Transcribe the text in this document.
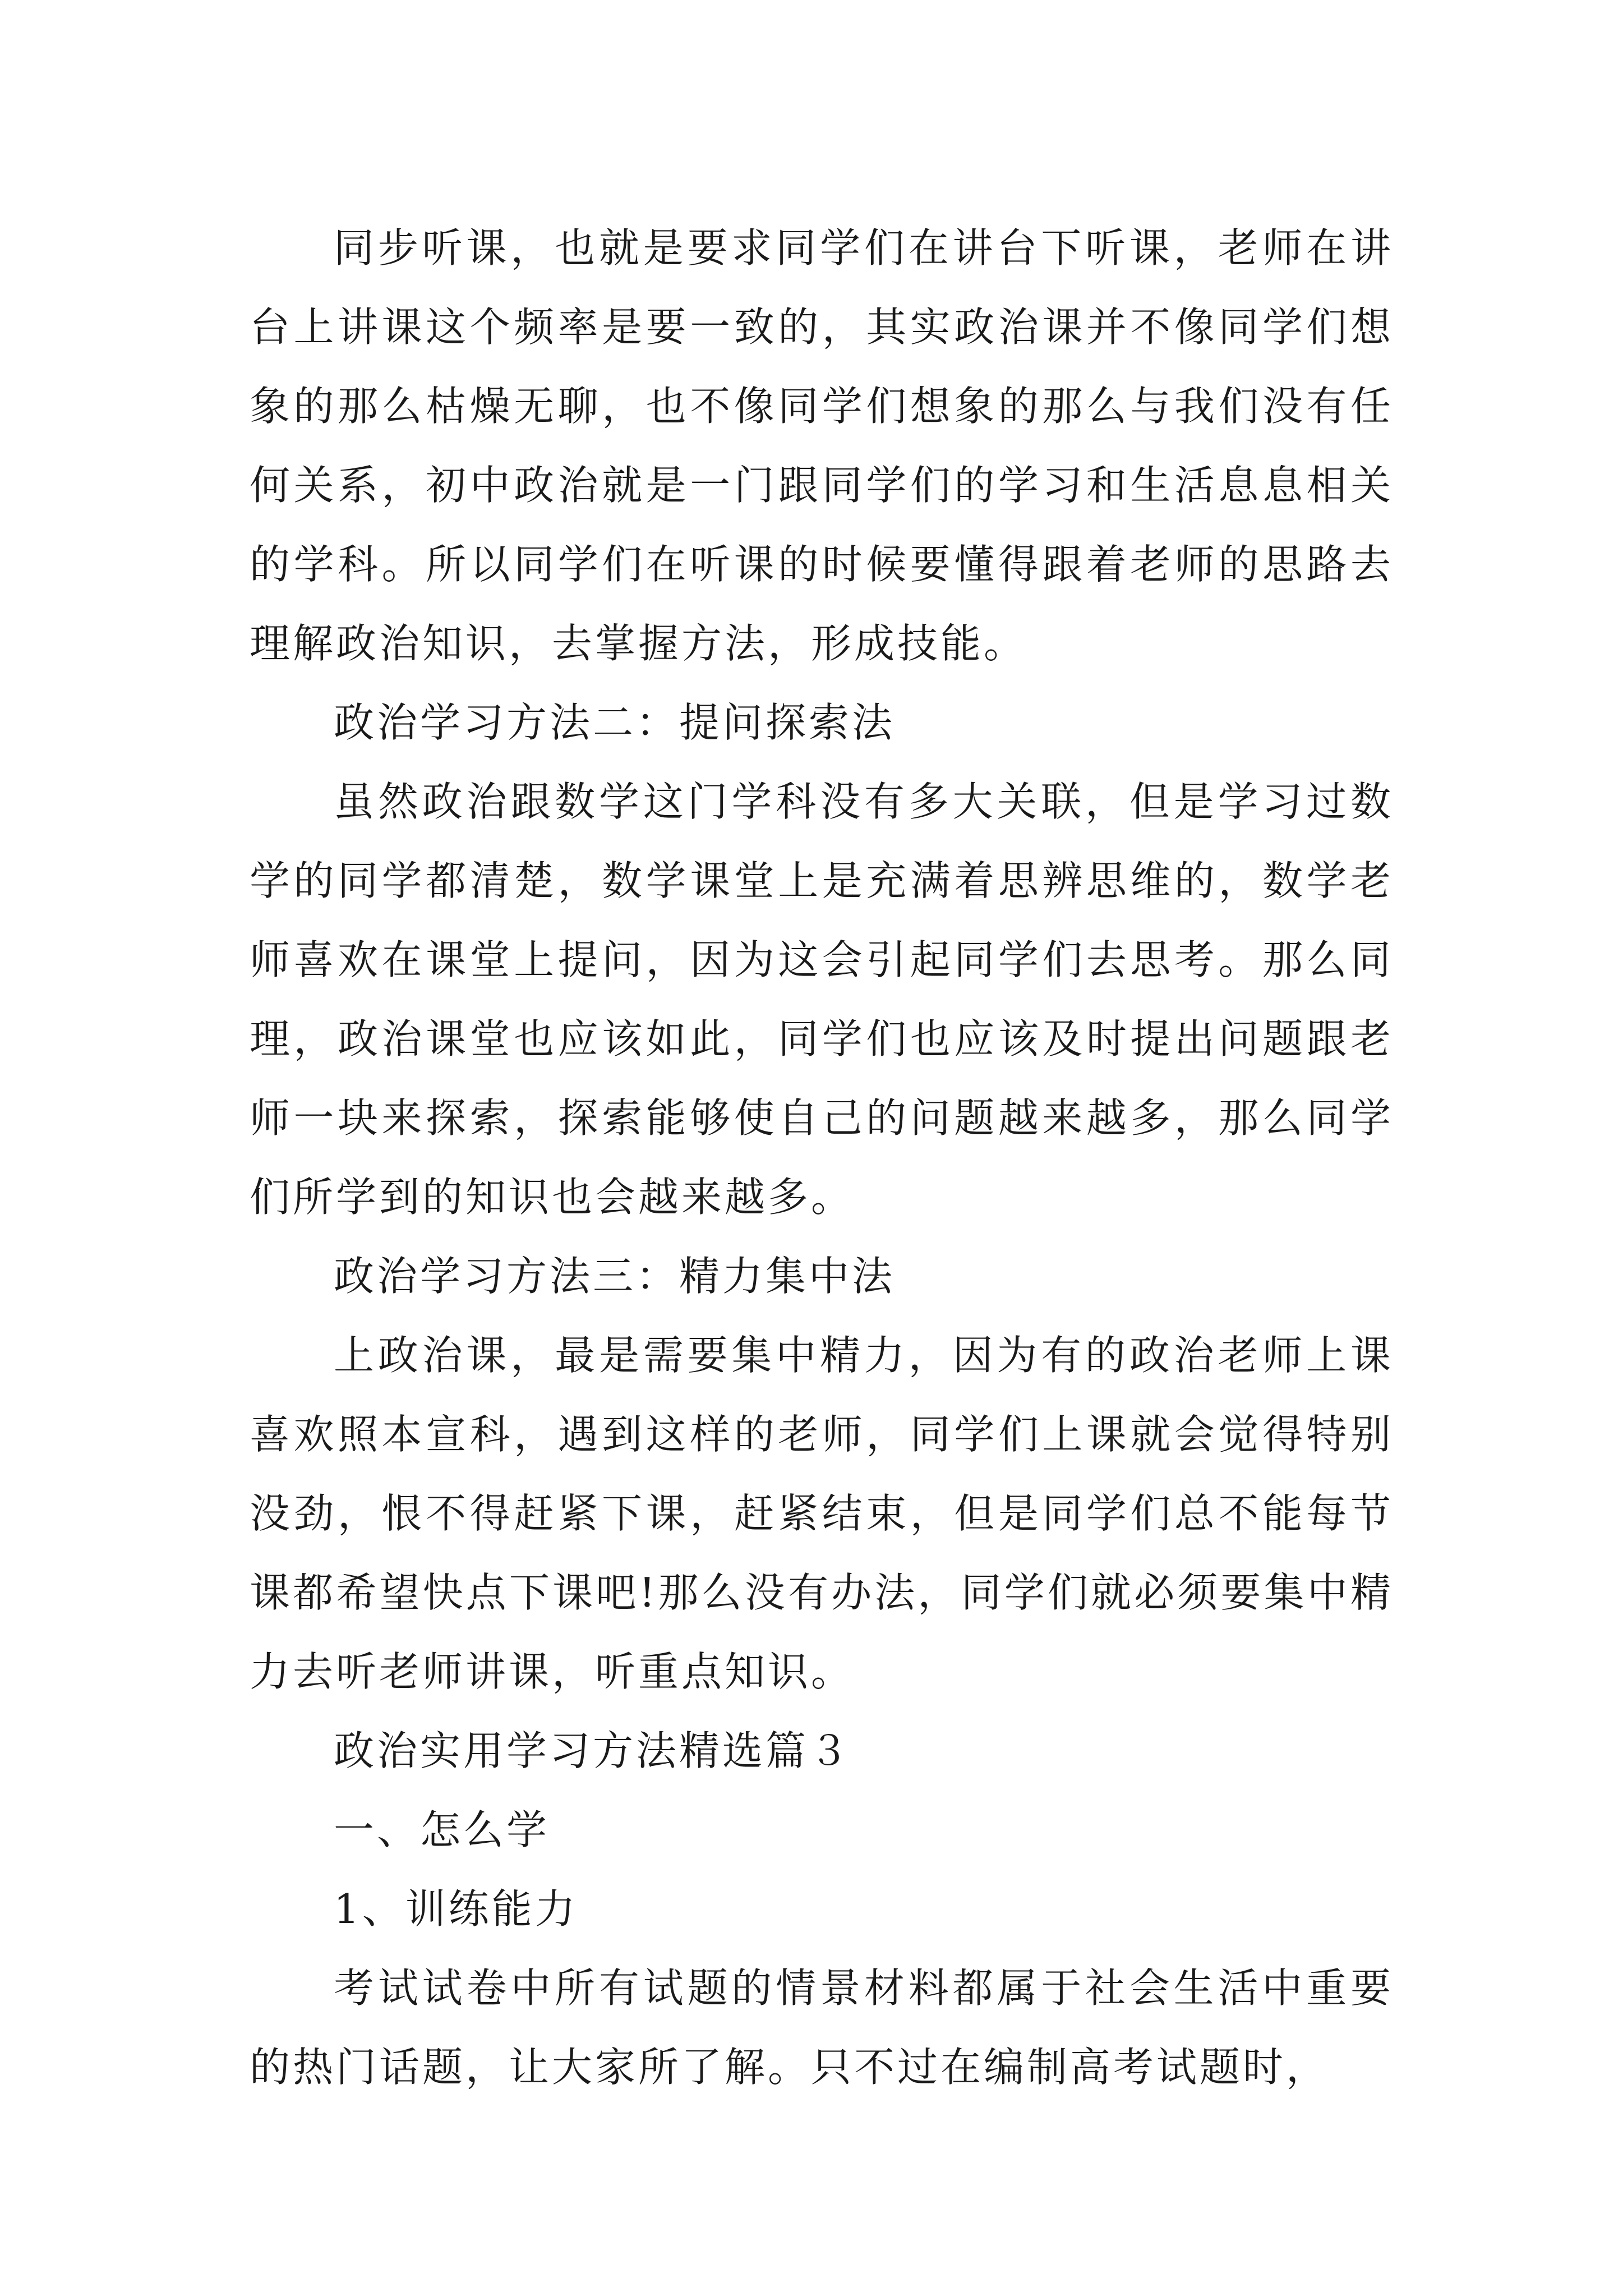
同步听课，也就是要求同学们在讲台下听课，老师在讲台上讲课这个频率是要一致的，其实政治课并不像同学们想象的那么枯燥无聊，也不像同学们想象的那么与我们没有任何关系，初中政治就是一门跟同学们的学习和生活息息相关的学科。所以同学们在听课的时候要懂得跟着老师的思路去理解政治知识，去掌握方法，形成技能。

政治学习方法二：提问探索法

虽然政治跟数学这门学科没有多大关联，但是学习过数学的同学都清楚，数学课堂上是充满着思辨思维的，数学老师喜欢在课堂上提问，因为这会引起同学们去思考。那么同理，政治课堂也应该如此，同学们也应该及时提出问题跟老师一块来探索，探索能够使自己的问题越来越多，那么同学们所学到的知识也会越来越多。

政治学习方法三：精力集中法

上政治课，最是需要集中精力，因为有的政治老师上课喜欢照本宣科，遇到这样的老师，同学们上课就会觉得特别没劲，恨不得赶紧下课，赶紧结束，但是同学们总不能每节课都希望快点下课吧!那么没有办法，同学们就必须要集中精力去听老师讲课，听重点知识。

政治实用学习方法精选篇３

一、怎么学

1、训练能力

考试试卷中所有试题的情景材料都属于社会生活中重要的热门话题，让大家所了解。只不过在编制高考试题时，
